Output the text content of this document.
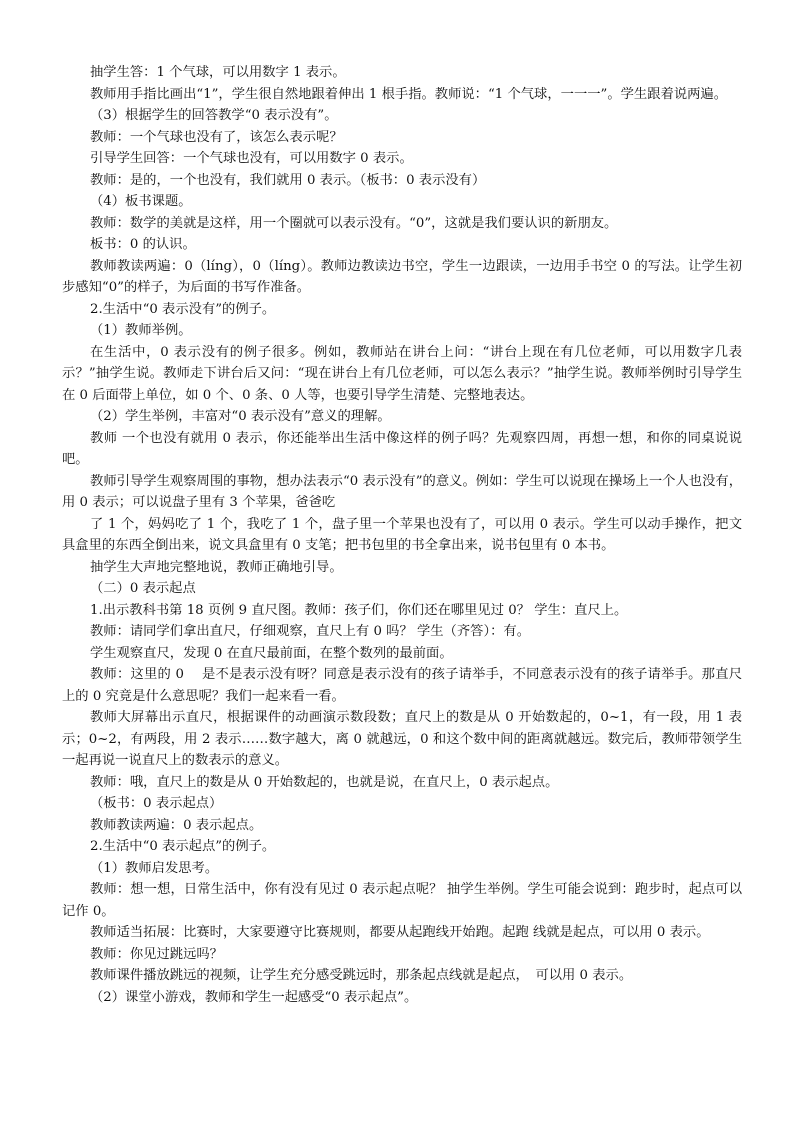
抽学生答：1 个气球，可以用数字 1 表示。

教师用手指比画出“1”，学生很自然地跟着伸出 1 根手指。教师说：“1 个气球，一一一”。学生跟着说两遍。

（3）根据学生的回答教学“0 表示没有”。

教师：一个气球也没有了，该怎么表示呢？

引导学生回答：一个气球也没有，可以用数字 0 表示。

教师：是的，一个也没有，我们就用 0 表示。（板书：0 表示没有）

（4）板书课题。

教师：数学的美就是这样，用一个圈就可以表示没有。“0”，这就是我们要认识的新朋友。

板书：0 的认识。

教师教读两遍：0（líng），0（líng）。教师边教读边书空，学生一边跟读，一边用手书空 0 的写法。让学生初步感知“0”的样子，为后面的书写作准备。

2.生活中“0 表示没有”的例子。

（1）教师举例。

在生活中，0 表示没有的例子很多。例如，教师站在讲台上问：“讲台上现在有几位老师，可以用数字几表示？”抽学生说。教师走下讲台后又问：“现在讲台上有几位老师，可以怎么表示？”抽学生说。教师举例时引导学生在 0 后面带上单位，如 0 个、0 条、0 人等，也要引导学生清楚、完整地表达。

（2）学生举例，丰富对“0 表示没有”意义的理解。

教师 一个也没有就用 0 表示，你还能举出生活中像这样的例子吗？先观察四周，再想一想，和你的同桌说说吧。

教师引导学生观察周围的事物，想办法表示“0 表示没有”的意义。例如：学生可以说现在操场上一个人也没有，用 0 表示；可以说盘子里有 3 个苹果，爸爸吃

了 1 个，妈妈吃了 1 个，我吃了 1 个，盘子里一个苹果也没有了，可以用 0 表示。学生可以动手操作，把文具盒里的东西全倒出来，说文具盒里有 0 支笔；把书包里的书全拿出来，说书包里有 0 本书。

抽学生大声地完整地说，教师正确地引导。

（二）0 表示起点

1.出示教科书第 18 页例 9 直尺图。教师：孩子们，你们还在哪里见过 0？ 学生：直尺上。

教师：请同学们拿出直尺，仔细观察，直尺上有 0 吗？ 学生（齐答）：有。

学生观察直尺，发现 0 在直尺最前面，在整个数列的最前面。

教师：这里的 0　 是不是表示没有呀？同意是表示没有的孩子请举手，不同意表示没有的孩子请举手。那直尺上的 0 究竟是什么意思呢？我们一起来看一看。

教师大屏幕出示直尺，根据课件的动画演示数段数；直尺上的数是从 0 开始数起的，0~1，有一段，用 1 表示；0~2，有两段，用 2 表示……数字越大，离 0 就越远，0 和这个数中间的距离就越远。数完后，教师带领学生一起再说一说直尺上的数表示的意义。

教师：哦，直尺上的数是从 0 开始数起的，也就是说，在直尺上，0 表示起点。

（板书：0 表示起点）

教师教读两遍：0 表示起点。

2.生活中“0 表示起点”的例子。

（1）教师启发思考。

教师：想一想，日常生活中，你有没有见过 0 表示起点呢？ 抽学生举例。学生可能会说到：跑步时，起点可以记作 0。

教师适当拓展：比赛时，大家要遵守比赛规则，都要从起跑线开始跑。起跑 线就是起点，可以用 0 表示。

教师：你见过跳远吗？

教师课件播放跳远的视频，让学生充分感受跳远时，那条起点线就是起点，　可以用 0 表示。

（2）课堂小游戏，教师和学生一起感受“0 表示起点”。
